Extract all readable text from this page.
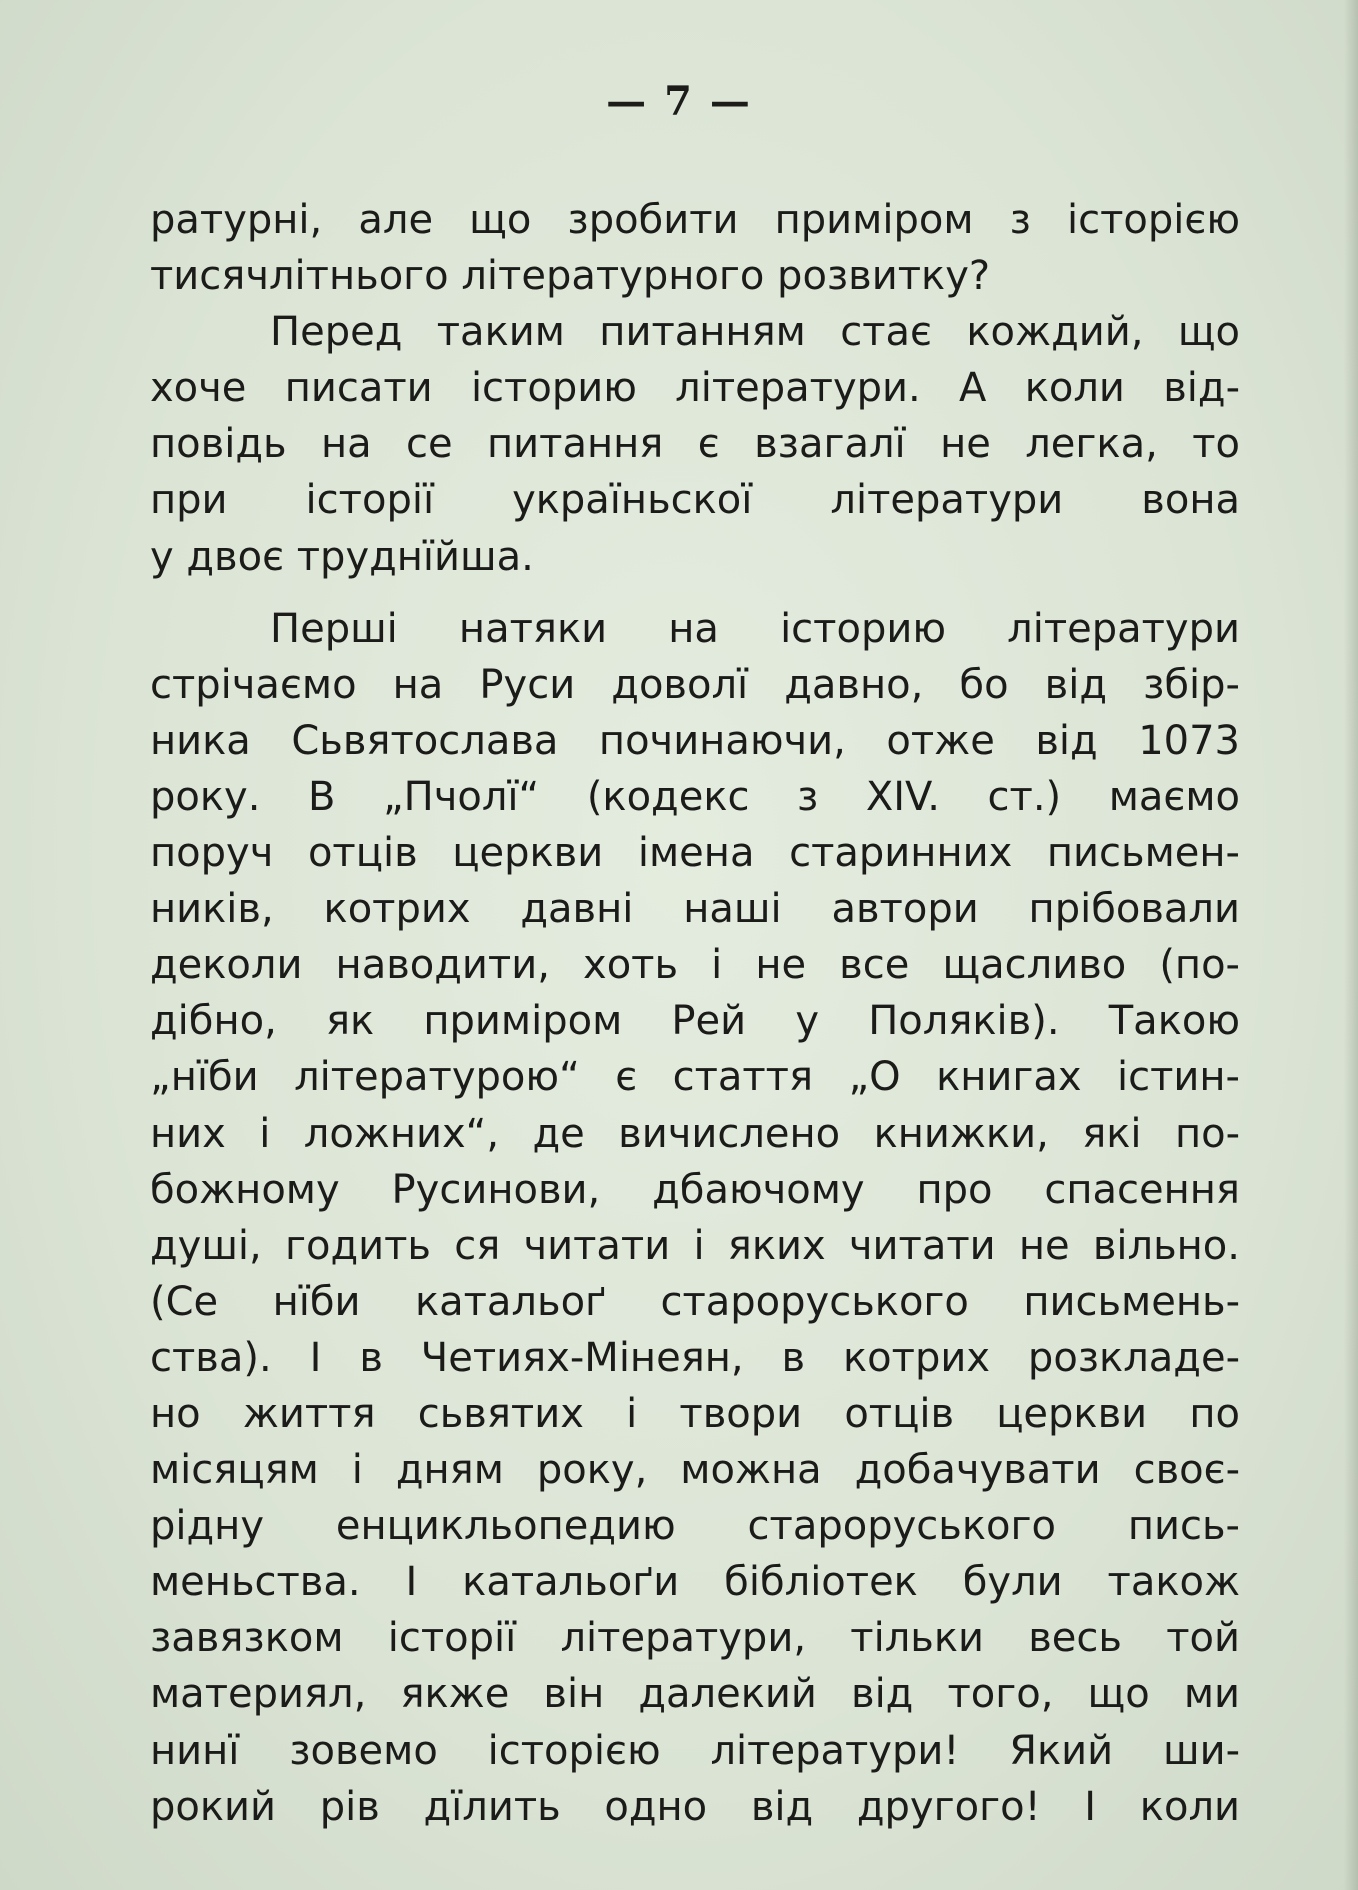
— 7 —
ратурні, але що зробити приміром з історією
тисячлітнього літературного розвитку?
Перед таким питанням стає кождий, що
хоче писати історию літератури. А коли від-
повідь на се питання є взагалї не легка, то
при історії україньскої літератури вона
у двоє труднїйша.
Перші натяки на історию літератури
стрічаємо на Руси доволї давно, бо від збір-
ника Сьвятослава починаючи, отже від 1073
року. В „Пчолї“ (кодекс з XIV. ст.) маємо
поруч отців церкви імена старинних письмен-
ників, котрих давні наші автори прібовали
деколи наводити, хоть і не все щасливо (по-
дібно, як приміром Рей у Поляків). Такою
„нїби літературою“ є стаття „О книгах істин-
них і ложних“, де вичислено книжки, які по-
божному Русинови, дбаючому про спасення
душі, годить ся читати і яких читати не вільно.
(Се нїби катальоґ староруського письмень-
ства). І в Четиях-Мінеян, в котрих розкладе-
но життя сьвятих і твори отців церкви по
місяцям і дням року, можна добачувати своє-
рідну енцикльопедию староруського пись-
меньства. І катальоґи бібліотек були також
завязком історії літератури, тільки весь той
материял, якже він далекий від того, що ми
нинї зовемо історією літератури! Який ши-
рокий рів дїлить одно від другого! І коли
